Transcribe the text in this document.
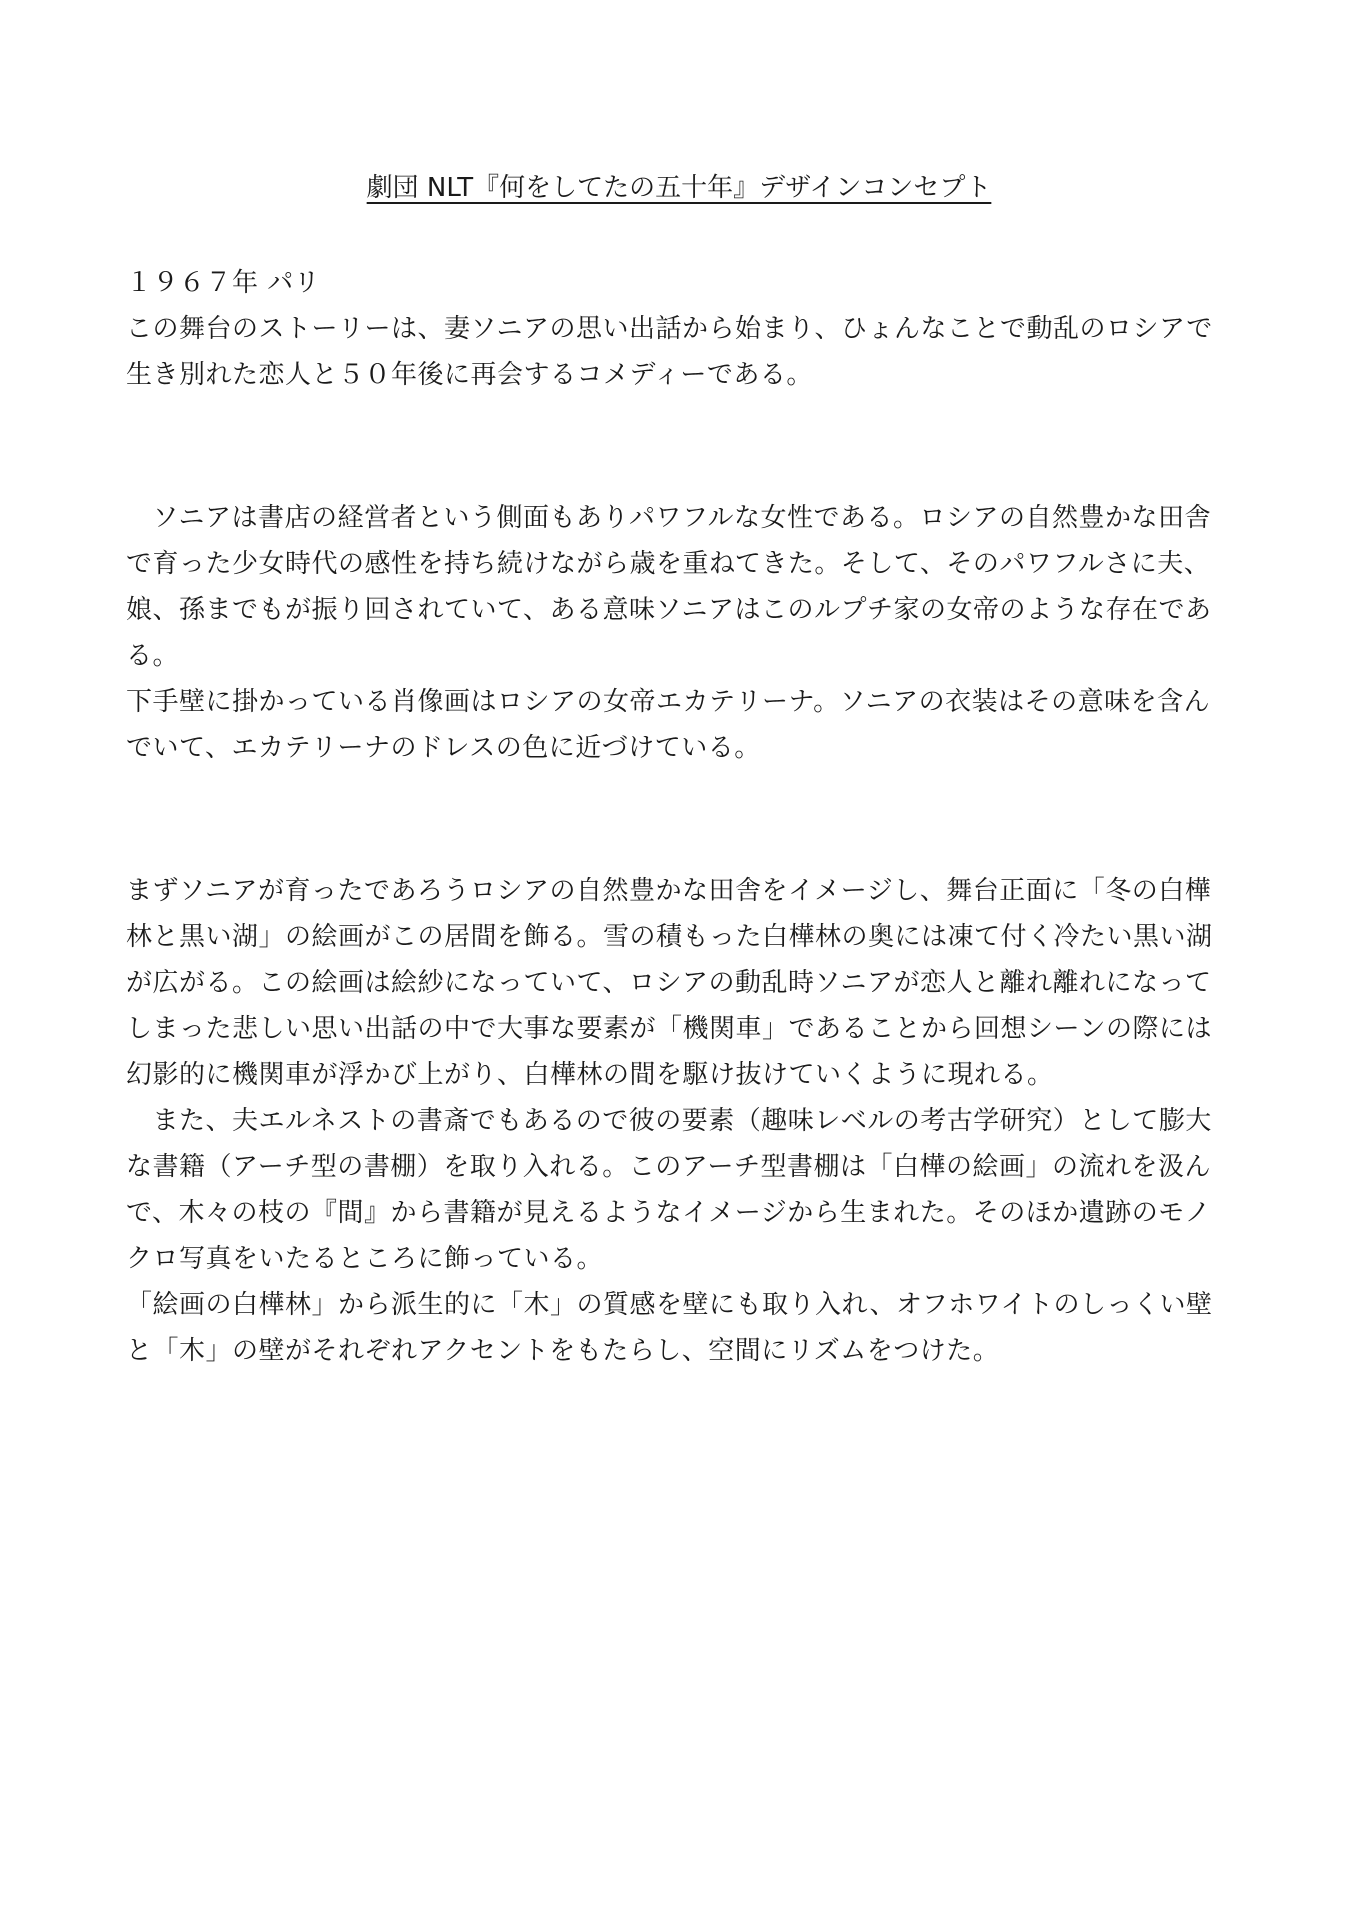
劇団 NLT『何をしてたの五十年』デザインコンセプト

１９６７年 パリ

この舞台のストーリーは、妻ソニアの思い出話から始まり、ひょんなことで動乱のロシアで

生き別れた恋人と５０年後に再会するコメディーである。

　ソニアは書店の経営者という側面もありパワフルな女性である。ロシアの自然豊かな田舎

で育った少女時代の感性を持ち続けながら歳を重ねてきた。そして、そのパワフルさに夫、

娘、孫までもが振り回されていて、ある意味ソニアはこのルプチ家の女帝のような存在であ

る。

下手壁に掛かっている肖像画はロシアの女帝エカテリーナ。ソニアの衣装はその意味を含ん

でいて、エカテリーナのドレスの色に近づけている。

まずソニアが育ったであろうロシアの自然豊かな田舎をイメージし、舞台正面に「冬の白樺

林と黒い湖」の絵画がこの居間を飾る。雪の積もった白樺林の奥には凍て付く冷たい黒い湖

が広がる。この絵画は絵紗になっていて、ロシアの動乱時ソニアが恋人と離れ離れになって

しまった悲しい思い出話の中で大事な要素が「機関車」であることから回想シーンの際には

幻影的に機関車が浮かび上がり、白樺林の間を駆け抜けていくように現れる。

　また、夫エルネストの書斎でもあるので彼の要素（趣味レベルの考古学研究）として膨大

な書籍（アーチ型の書棚）を取り入れる。このアーチ型書棚は「白樺の絵画」の流れを汲ん

で、木々の枝の『間』から書籍が見えるようなイメージから生まれた。そのほか遺跡のモノ

クロ写真をいたるところに飾っている。

「絵画の白樺林」から派生的に「木」の質感を壁にも取り入れ、オフホワイトのしっくい壁

と「木」の壁がそれぞれアクセントをもたらし、空間にリズムをつけた。
